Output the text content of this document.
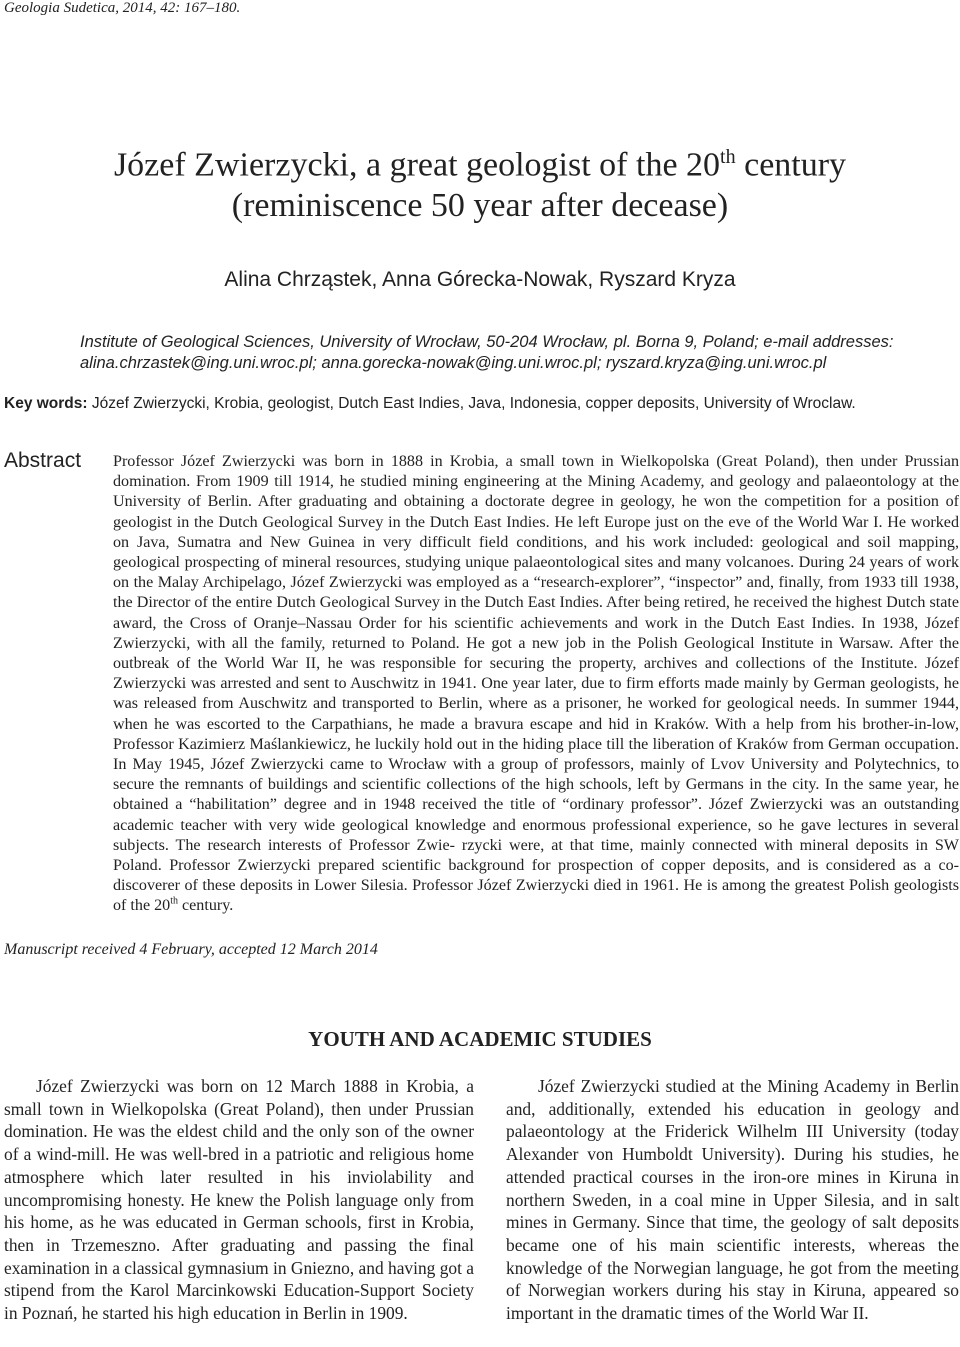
Geologia Sudetica, 2014, 42: 167–180.
Józef Zwierzycki, a great geologist of the 20th century
(reminiscence 50 year after decease)
Alina Chrząstek, Anna Górecka-Nowak, Ryszard Kryza
Institute of Geological Sciences, University of Wrocław, 50-204 Wrocław, pl. Borna 9, Poland; e-mail addresses:
alina.chrzastek@ing.uni.wroc.pl; anna.gorecka-nowak@ing.uni.wroc.pl; ryszard.kryza@ing.uni.wroc.pl
Key words: Józef Zwierzycki, Krobia, geologist, Dutch East Indies, Java, Indonesia, copper deposits, University of Wroclaw.
Abstract Professor Józef Zwierzycki was born in 1888 in Krobia, a small town in Wielkopolska (Great Poland), then under Prussian domination. From 1909 till 1914, he studied mining engineering at the Mining Academy, and geology and palaeontology at the University of Berlin. After graduating and obtaining a doctorate degree in geology, he won the competition for a position of geologist in the Dutch Geological Survey in the Dutch East Indies. He left Europe just on the eve of the World War I. He worked on Java, Sumatra and New Guinea in very difficult field conditions, and his work included: geological and soil mapping, geological prospecting of mineral resources, studying unique palaeontological sites and many volcanoes. During 24 years of work on the Malay Archipelago, Józef Zwierzycki was employed as a “research-explorer”, “inspector” and, finally, from 1933 till 1938, the Director of the entire Dutch Geological Survey in the Dutch East Indies. After being retired, he received the highest Dutch state award, the Cross of Oranje–Nassau Order for his scientific achievements and work in the Dutch East Indies. In 1938, Józef Zwierzycki, with all the family, returned to Poland. He got a new job in the Polish Geological Institute in Warsaw. After the outbreak of the World War II, he was responsible for securing the property, archives and collections of the Institute. Józef Zwierzycki was arrested and sent to Auschwitz in 1941. One year later, due to firm efforts made mainly by German geologists, he was released from Auschwitz and transported to Berlin, where as a prisoner, he worked for geological needs. In summer 1944, when he was escorted to the Carpathians, he made a bravura escape and hid in Kraków. With a help from his brother-in-low, Professor Kazimierz Maślankiewicz, he luckily hold out in the hiding place till the liberation of Kraków from German occupation. In May 1945, Józef Zwierzycki came to Wrocław with a group of professors, mainly of Lvov University and Polytechnics, to secure the remnants of buildings and scientific collections of the high schools, left by Germans in the city. In the same year, he obtained a “habilitation” degree and in 1948 received the title of “ordinary professor”. Józef Zwierzycki was an outstanding academic teacher with very wide geological knowledge and enormous professional experience, so he gave lectures in several subjects. The research interests of Professor Zwie- rzycki were, at that time, mainly connected with mineral deposits in SW Poland. Professor Zwierzycki prepared scientific background for prospection of copper deposits, and is considered as a co-discoverer of these deposits in Lower Silesia. Professor Józef Zwierzycki died in 1961. He is among the greatest Polish geologists of the 20th century.
Manuscript received 4 February, accepted 12 March 2014
YOUTH AND ACADEMIC STUDIES

Józef Zwierzycki was born on 12 March 1888 in Krobia, a small town in Wielkopolska (Great Poland), then under Prussian domination. He was the eldest child and the only son of the owner of a wind-mill. He was well-bred in a patriotic and religious home atmosphere which later resulted in his inviolability and uncompromising honesty. He knew the Polish language only from his home, as he was educated in German schools, first in Krobia, then in Trzemeszno. After graduating and passing the final examination in a classical gymnasium in Gniezno, and having got a stipend from the Karol Marcinkowski Education-Support Society in Poznań, he started his high education in Berlin in 1909.

Józef Zwierzycki studied at the Mining Academy in Berlin and, additionally, extended his education in geology and palaeontology at the Friderick Wilhelm III University (today Alexander von Humboldt University). During his studies, he attended practical courses in the iron-ore mines in Kiruna in northern Sweden, in a coal mine in Upper Silesia, and in salt mines in Germany. Since that time, the geology of salt deposits became one of his main scientific interests, whereas the knowledge of the Norwegian language, he got from the meeting of Norwegian workers during his stay in Kiruna, appeared so important in the dramatic times of the World War II.
